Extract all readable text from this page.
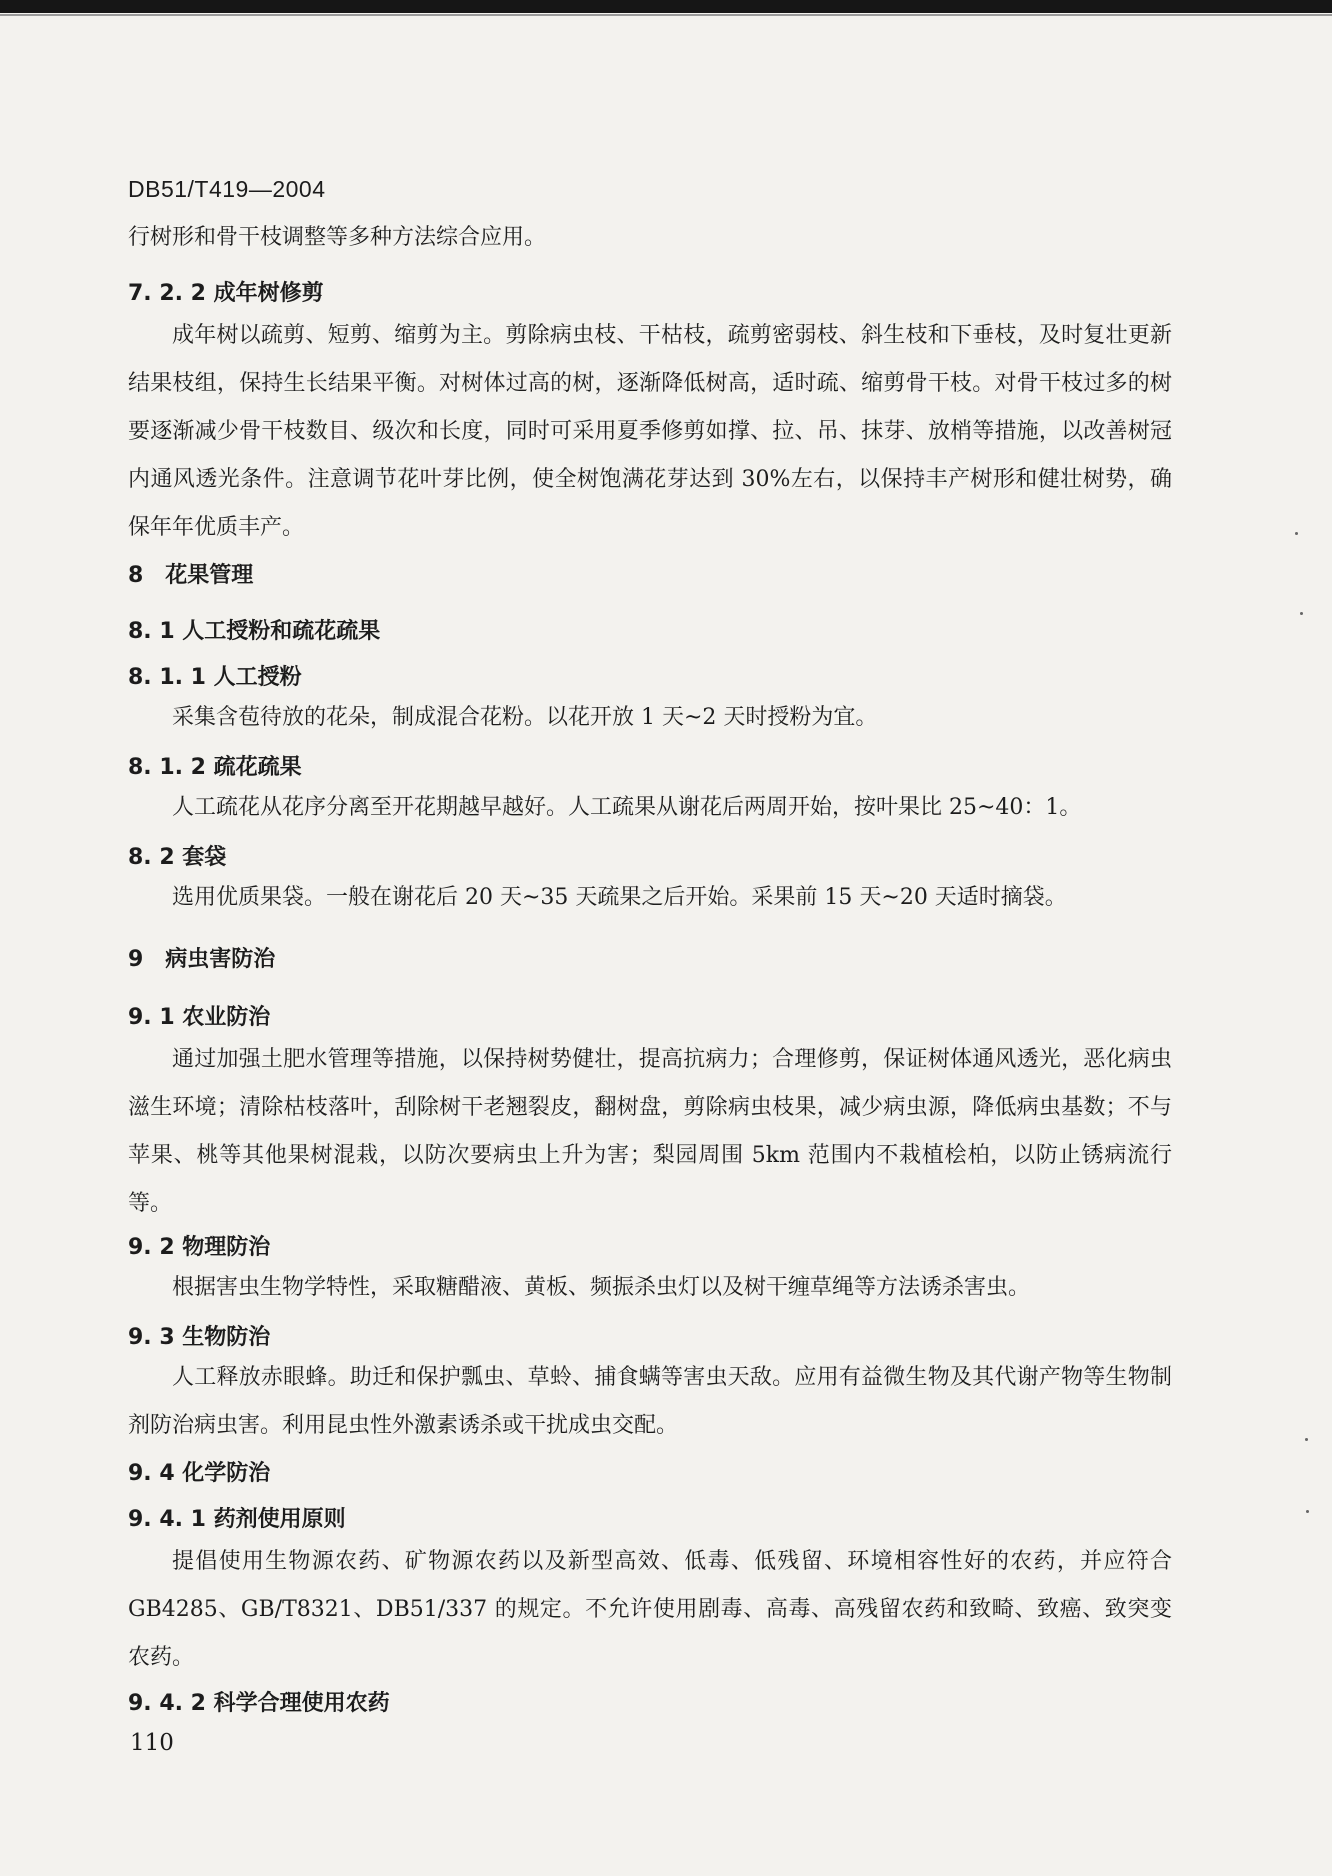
DB51/T419—2004
行树形和骨干枝调整等多种方法综合应用。
7. 2. 2 成年树修剪
成年树以疏剪、短剪、缩剪为主。剪除病虫枝、干枯枝，疏剪密弱枝、斜生枝和下垂枝，及时复壮更新结果枝组，保持生长结果平衡。对树体过高的树，逐渐降低树高，适时疏、缩剪骨干枝。对骨干枝过多的树要逐渐减少骨干枝数目、级次和长度，同时可采用夏季修剪如撑、拉、吊、抹芽、放梢等措施，以改善树冠内通风透光条件。注意调节花叶芽比例，使全树饱满花芽达到 30%左右，以保持丰产树形和健壮树势，确保年年优质丰产。
8　花果管理
8. 1 人工授粉和疏花疏果
8. 1. 1 人工授粉
采集含苞待放的花朵，制成混合花粉。以花开放 1 天~2 天时授粉为宜。
8. 1. 2 疏花疏果
人工疏花从花序分离至开花期越早越好。人工疏果从谢花后两周开始，按叶果比 25~40：1。
8. 2 套袋
选用优质果袋。一般在谢花后 20 天~35 天疏果之后开始。采果前 15 天~20 天适时摘袋。
9　病虫害防治
9. 1 农业防治
通过加强土肥水管理等措施，以保持树势健壮，提高抗病力；合理修剪，保证树体通风透光，恶化病虫滋生环境；清除枯枝落叶，刮除树干老翘裂皮，翻树盘，剪除病虫枝果，减少病虫源，降低病虫基数；不与苹果、桃等其他果树混栽，以防次要病虫上升为害；梨园周围 5km 范围内不栽植桧柏，以防止锈病流行等。
9. 2 物理防治
根据害虫生物学特性，采取糖醋液、黄板、频振杀虫灯以及树干缠草绳等方法诱杀害虫。
9. 3 生物防治
人工释放赤眼蜂。助迁和保护瓢虫、草蛉、捕食螨等害虫天敌。应用有益微生物及其代谢产物等生物制剂防治病虫害。利用昆虫性外激素诱杀或干扰成虫交配。
9. 4 化学防治
9. 4. 1 药剂使用原则
提倡使用生物源农药、矿物源农药以及新型高效、低毒、低残留、环境相容性好的农药，并应符合GB4285、GB/T8321、DB51/337 的规定。不允许使用剧毒、高毒、高残留农药和致畸、致癌、致突变农药。
9. 4. 2 科学合理使用农药
110
